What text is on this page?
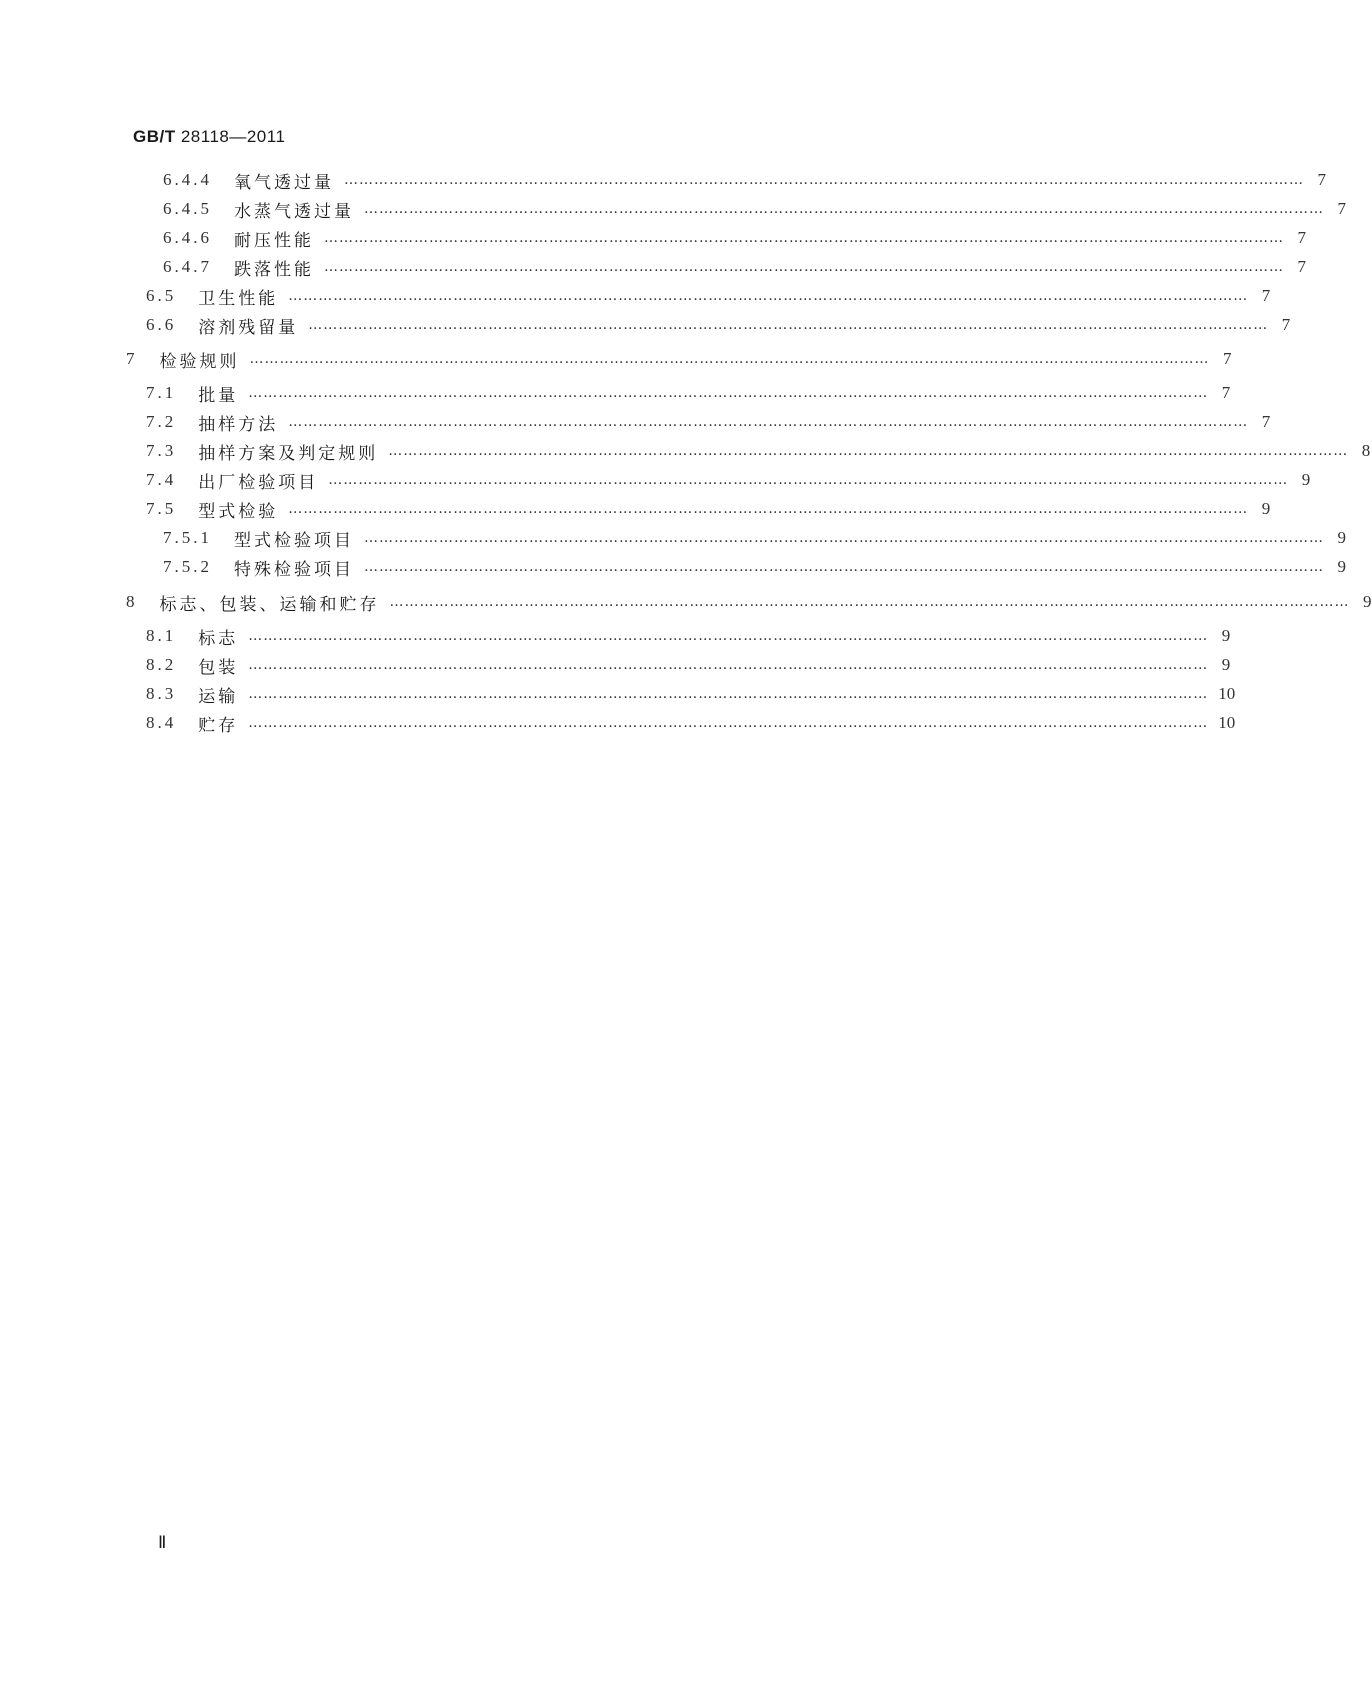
GB/T 28118—2011
6.4.4 氧气透过量 ………………………………………………………………………………………………………………………………………………………………………… 7
6.4.5 水蒸气透过量 ………………………………………………………………………………………………………………………………………………………………………… 7
6.4.6 耐压性能 ………………………………………………………………………………………………………………………………………………………………………… 7
6.4.7 跌落性能 ………………………………………………………………………………………………………………………………………………………………………… 7
6.5 卫生性能 ………………………………………………………………………………………………………………………………………………………………………… 7
6.6 溶剂残留量 ………………………………………………………………………………………………………………………………………………………………………… 7
7 检验规则 ………………………………………………………………………………………………………………………………………………………………………… 7
7.1 批量 ………………………………………………………………………………………………………………………………………………………………………… 7
7.2 抽样方法 ………………………………………………………………………………………………………………………………………………………………………… 7
7.3 抽样方案及判定规则 ………………………………………………………………………………………………………………………………………………………………………… 8
7.4 出厂检验项目 ………………………………………………………………………………………………………………………………………………………………………… 9
7.5 型式检验 ………………………………………………………………………………………………………………………………………………………………………… 9
7.5.1 型式检验项目 ………………………………………………………………………………………………………………………………………………………………………… 9
7.5.2 特殊检验项目 ………………………………………………………………………………………………………………………………………………………………………… 9
8 标志、包装、运输和贮存 ………………………………………………………………………………………………………………………………………………………………………… 9
8.1 标志 ………………………………………………………………………………………………………………………………………………………………………… 9
8.2 包装 ………………………………………………………………………………………………………………………………………………………………………… 9
8.3 运输 ………………………………………………………………………………………………………………………………………………………………………… 10
8.4 贮存 ………………………………………………………………………………………………………………………………………………………………………… 10
Ⅱ
